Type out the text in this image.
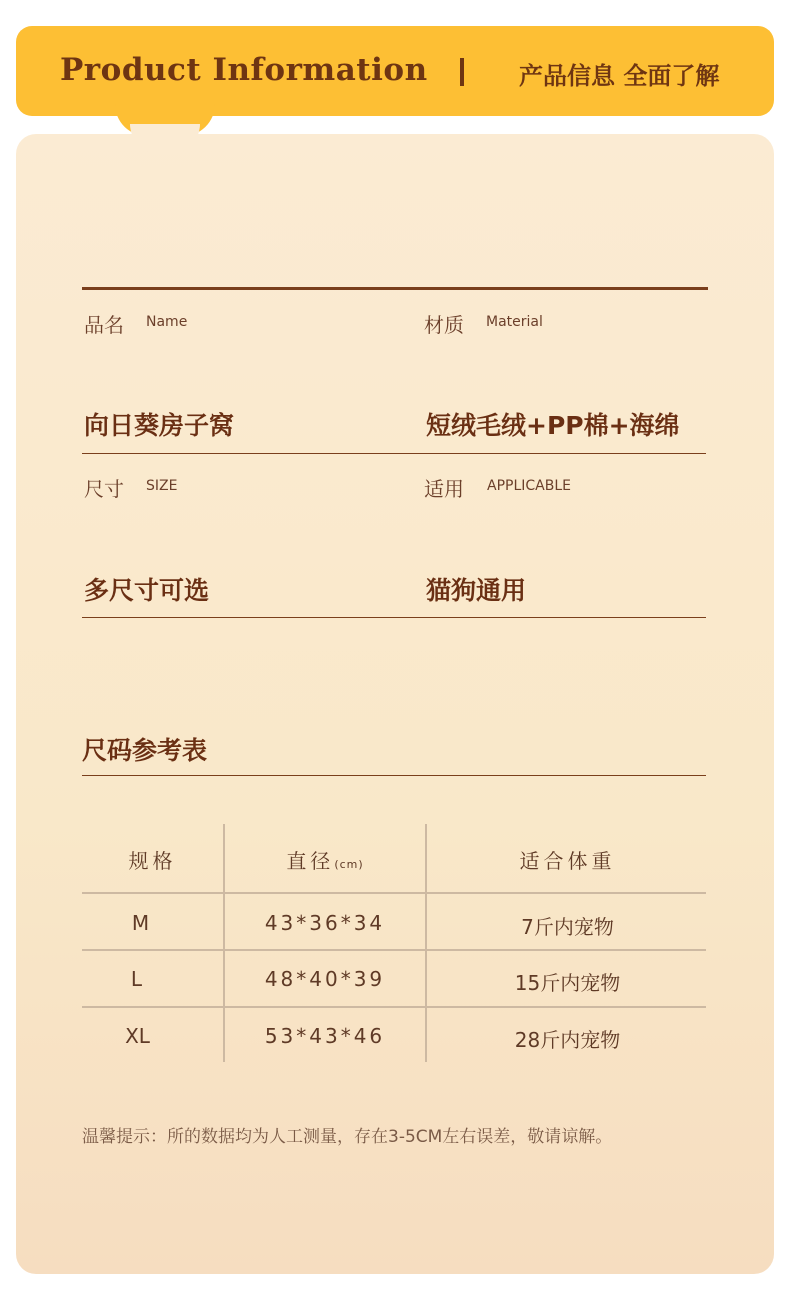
Product Information	产品信息 全面了解
品名 Name	材质 Material
向日葵房子窝	短绒毛绒+PP棉+海绵
尺寸 SIZE	适用 APPLICABLE
多尺寸可选	猫狗通用
尺码参考表
规格	直径(cm)	适合体重
M	43*36*34	7斤内宠物
L	48*40*39	15斤内宠物
XL	53*43*46	28斤内宠物
温馨提示：所的数据均为人工测量，存在3-5CM左右误差，敬请谅解。
